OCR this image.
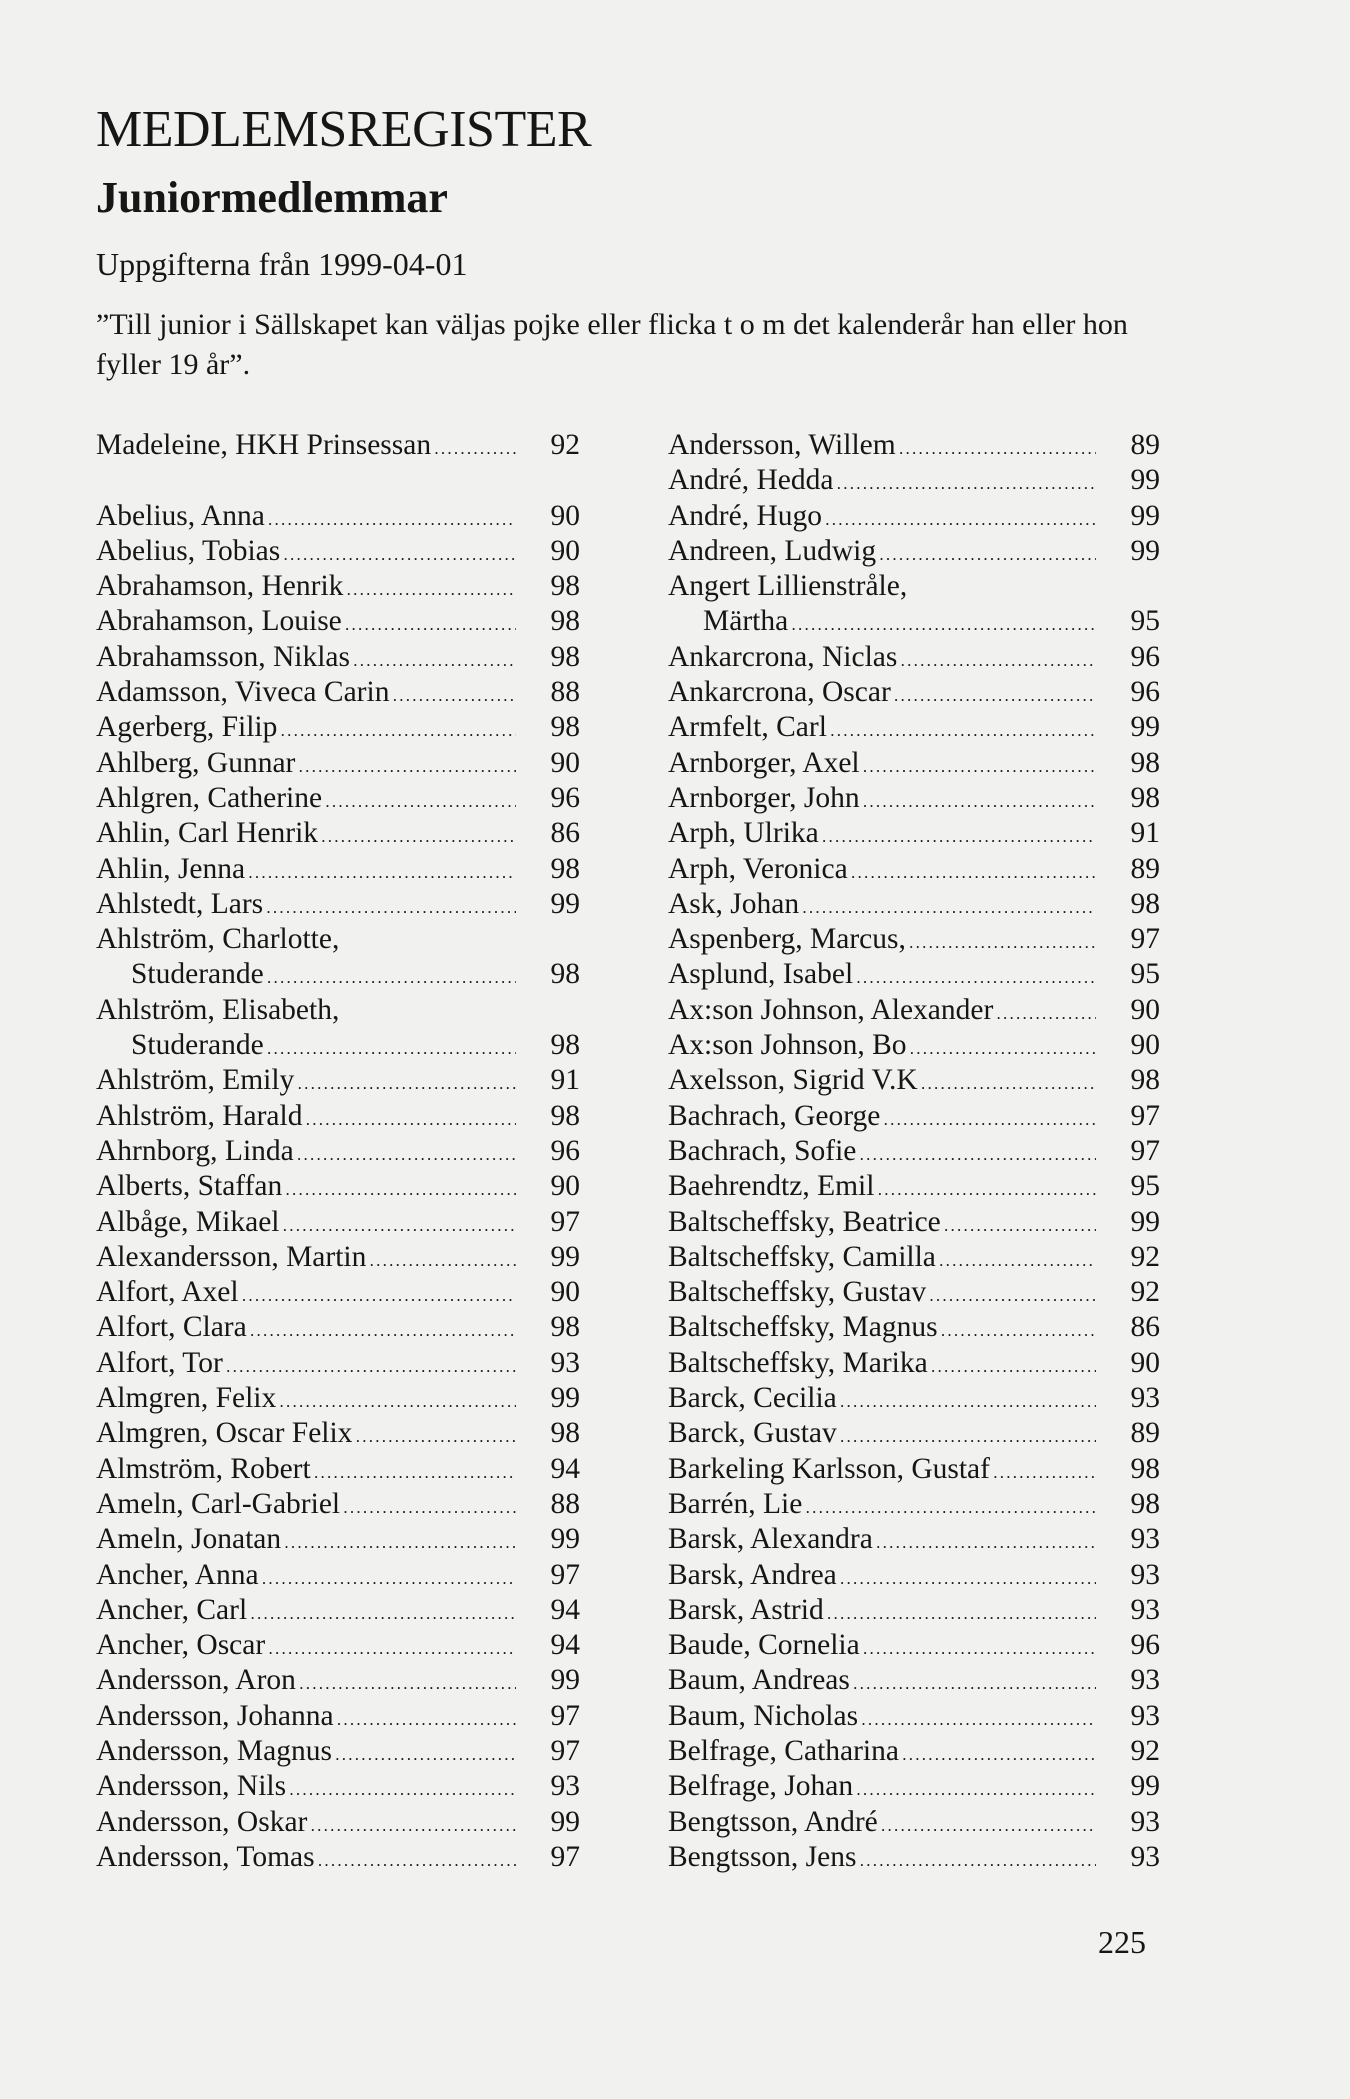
MEDLEMSREGISTER
Juniormedlemmar
Uppgifterna från 1999-04-01
”Till junior i Sällskapet kan väljas pojke eller flicka t o m det kalenderår han eller hon fyller 19 år”.
Madeleine, HKH Prinsessan . . .	92
Abelius, Anna . . .	90
Abelius, Tobias . . .	90
Abrahamson, Henrik . . .	98
Abrahamson, Louise . . .	98
Abrahamsson, Niklas . . .	98
Adamsson, Viveca Carin . . .	88
Agerberg, Filip . . .	98
Ahlberg, Gunnar . . .	90
Ahlgren, Catherine . . .	96
Ahlin, Carl Henrik . . .	86
Ahlin, Jenna . . .	98
Ahlstedt, Lars . . .	99
Ahlström, Charlotte,
Studerande . . .	98
Ahlström, Elisabeth,
Studerande . . .	98
Ahlström, Emily . . .	91
Ahlström, Harald . . .	98
Ahrnborg, Linda . . .	96
Alberts, Staffan . . .	90
Albåge, Mikael . . .	97
Alexandersson, Martin . . .	99
Alfort, Axel . . .	90
Alfort, Clara . . .	98
Alfort, Tor . . .	93
Almgren, Felix . . .	99
Almgren, Oscar Felix . . .	98
Almström, Robert . . .	94
Ameln, Carl-Gabriel . . .	88
Ameln, Jonatan . . .	99
Ancher, Anna . . .	97
Ancher, Carl . . .	94
Ancher, Oscar . . .	94
Andersson, Aron . . .	99
Andersson, Johanna . . .	97
Andersson, Magnus . . .	97
Andersson, Nils . . .	93
Andersson, Oskar . . .	99
Andersson, Tomas . . .	97
Andersson, Willem . . .	89
André, Hedda . . .	99
André, Hugo . . .	99
Andreen, Ludwig . . .	99
Angert Lillienstråle,
Märtha . . .	95
Ankarcrona, Niclas . . .	96
Ankarcrona, Oscar . . .	96
Armfelt, Carl . . .	99
Arnborger, Axel . . .	98
Arnborger, John . . .	98
Arph, Ulrika . . .	91
Arph, Veronica . . .	89
Ask, Johan . . .	98
Aspenberg, Marcus, . . .	97
Asplund, Isabel . . .	95
Ax:son Johnson, Alexander . . .	90
Ax:son Johnson, Bo . . .	90
Axelsson, Sigrid V.K . . .	98
Bachrach, George . . .	97
Bachrach, Sofie . . .	97
Baehrendtz, Emil . . .	95
Baltscheffsky, Beatrice . . .	99
Baltscheffsky, Camilla . . .	92
Baltscheffsky, Gustav . . .	92
Baltscheffsky, Magnus . . .	86
Baltscheffsky, Marika . . .	90
Barck, Cecilia . . .	93
Barck, Gustav . . .	89
Barkeling Karlsson, Gustaf . . .	98
Barrén, Lie . . .	98
Barsk, Alexandra . . .	93
Barsk, Andrea . . .	93
Barsk, Astrid . . .	93
Baude, Cornelia . . .	96
Baum, Andreas . . .	93
Baum, Nicholas . . .	93
Belfrage, Catharina . . .	92
Belfrage, Johan . . .	99
Bengtsson, André . . .	93
Bengtsson, Jens . . .	93
225
